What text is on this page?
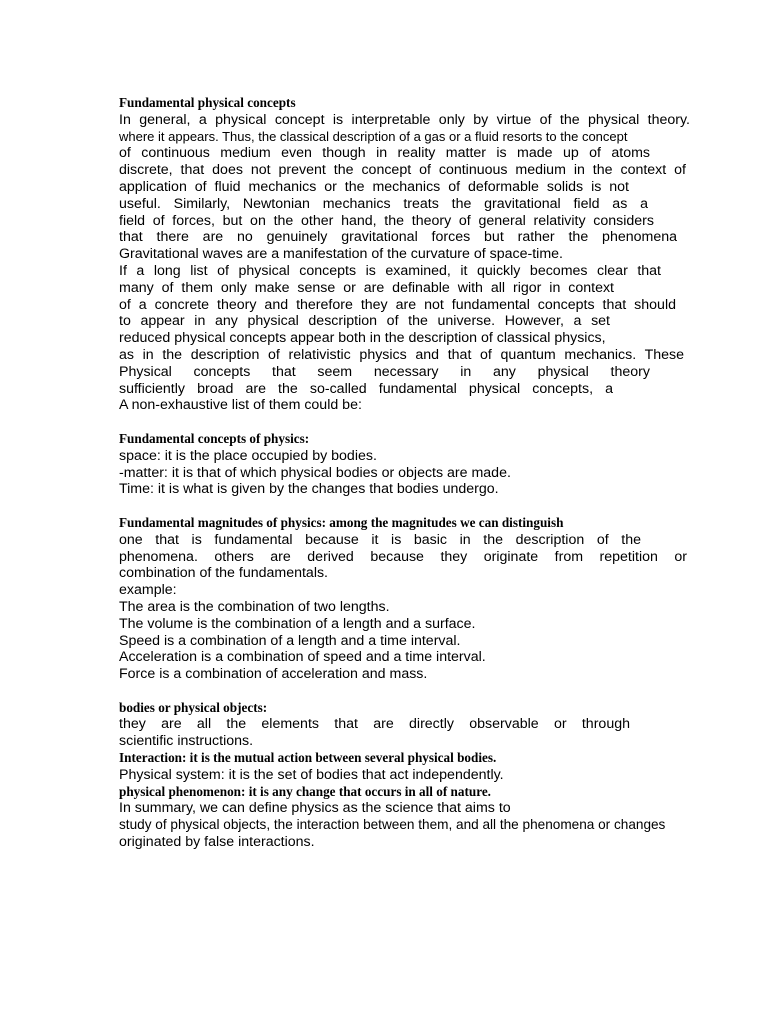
Fundamental physical concepts
In general, a physical concept is interpretable only by virtue of the physical theory.
where it appears. Thus, the classical description of a gas or a fluid resorts to the concept
of continuous medium even though in reality matter is made up of atoms
discrete, that does not prevent the concept of continuous medium in the context of
application of fluid mechanics or the mechanics of deformable solids is not
useful. Similarly, Newtonian mechanics treats the gravitational field as a
field of forces, but on the other hand, the theory of general relativity considers
that there are no genuinely gravitational forces but rather the phenomena
Gravitational waves are a manifestation of the curvature of space-time.
If a long list of physical concepts is examined, it quickly becomes clear that
many of them only make sense or are definable with all rigor in context
of a concrete theory and therefore they are not fundamental concepts that should
to appear in any physical description of the universe. However, a set
reduced physical concepts appear both in the description of classical physics,
as in the description of relativistic physics and that of quantum mechanics. These
Physical concepts that seem necessary in any physical theory
sufficiently broad are the so-called fundamental physical concepts, a
A non-exhaustive list of them could be:
Fundamental concepts of physics:
space: it is the place occupied by bodies.
-matter: it is that of which physical bodies or objects are made.
Time: it is what is given by the changes that bodies undergo.
Fundamental magnitudes of physics: among the magnitudes we can distinguish
one that is fundamental because it is basic in the description of the
phenomena. others are derived because they originate from repetition or
combination of the fundamentals.
example:
The area is the combination of two lengths.
The volume is the combination of a length and a surface.
Speed is a combination of a length and a time interval.
Acceleration is a combination of speed and a time interval.
Force is a combination of acceleration and mass.
bodies or physical objects:
they are all the elements that are directly observable or through
scientific instructions.
Interaction: it is the mutual action between several physical bodies.
Physical system: it is the set of bodies that act independently.
physical phenomenon: it is any change that occurs in all of nature.
In summary, we can define physics as the science that aims to
study of physical objects, the interaction between them, and all the phenomena or changes
originated by false interactions.
